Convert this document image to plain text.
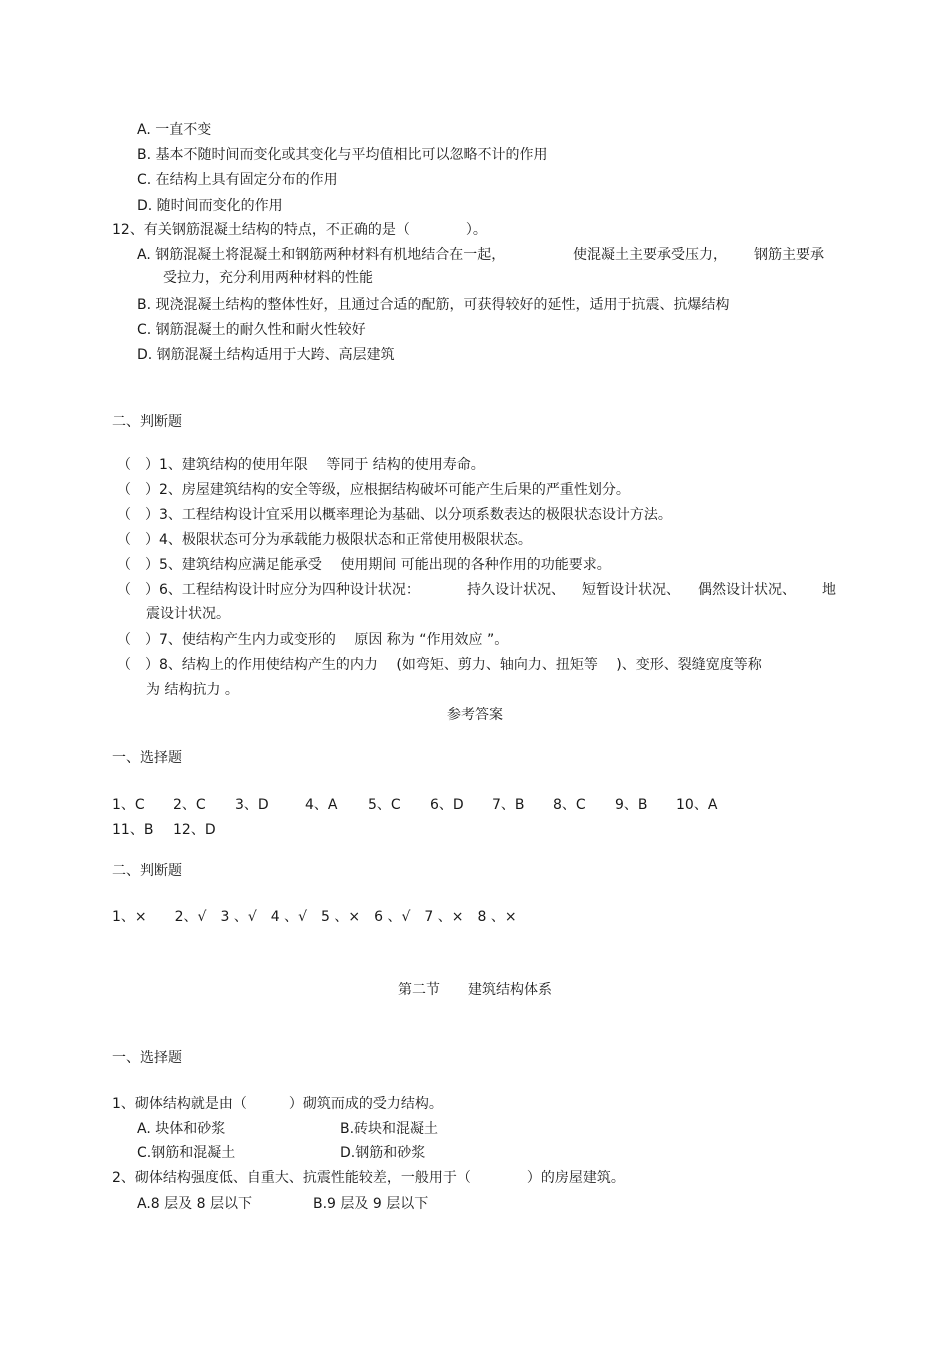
A. 一直不变
B. 基本不随时间而变化或其变化与平均值相比可以忽略不计的作用
C. 在结构上具有固定分布的作用
D. 随时间而变化的作用
12、有关钢筋混凝土结构的特点，不正确的是（　　　　）。
A. 钢筋混凝土将混凝土和钢筋两种材料有机地结合在一起，	使混凝土主要承受压力， 钢筋主要承
受拉力，充分利用两种材料的性能
B. 现浇混凝土结构的整体性好，且通过合适的配筋，可获得较好的延性，适用于抗震、抗爆结构
C. 钢筋混凝土的耐久性和耐火性较好
D. 钢筋混凝土结构适用于大跨、高层建筑
二、判断题
（　）1、建筑结构的使用年限　 等同于 结构的使用寿命。
（　）2、房屋建筑结构的安全等级，应根据结构破坏可能产生后果的严重性划分。
（　）3、工程结构设计宜采用以概率理论为基础、以分项系数表达的极限状态设计方法。
（　）4、极限状态可分为承载能力极限状态和正常使用极限状态。
（　）5、建筑结构应满足能承受　 使用期间 可能出现的各种作用的功能要求。
（　）6、工程结构设计时应分为四种设计状况：	持久设计状况、 短暂设计状况、 偶然设计状况、 地
震设计状况。
（　）7、使结构产生内力或变形的　 原因 称为 “作用效应 ”。
（　）8、结构上的作用使结构产生的内力　 (如弯矩、剪力、轴向力、扭矩等　 )、变形、裂缝宽度等称
为 结构抗力 。
参考答案
一、选择题
1、C 2、C 3、D	4、A 5、C 6、D 7、B 8、C 9、B 10、A
11、B 12、D
二、判断题
1、×　　2、√　3 、√　4 、√　5 、×　6 、√　7 、×　8 、×
第二节　　建筑结构体系
一、选择题
1、砌体结构就是由（　　　）砌筑而成的受力结构。
A. 块体和砂浆	B.砖块和混凝土
C.钢筋和混凝土	D.钢筋和砂浆
2、砌体结构强度低、自重大、抗震性能较差，一般用于（　　　　）的房屋建筑。
A.8 层及 8 层以下	B.9 层及 9 层以下
